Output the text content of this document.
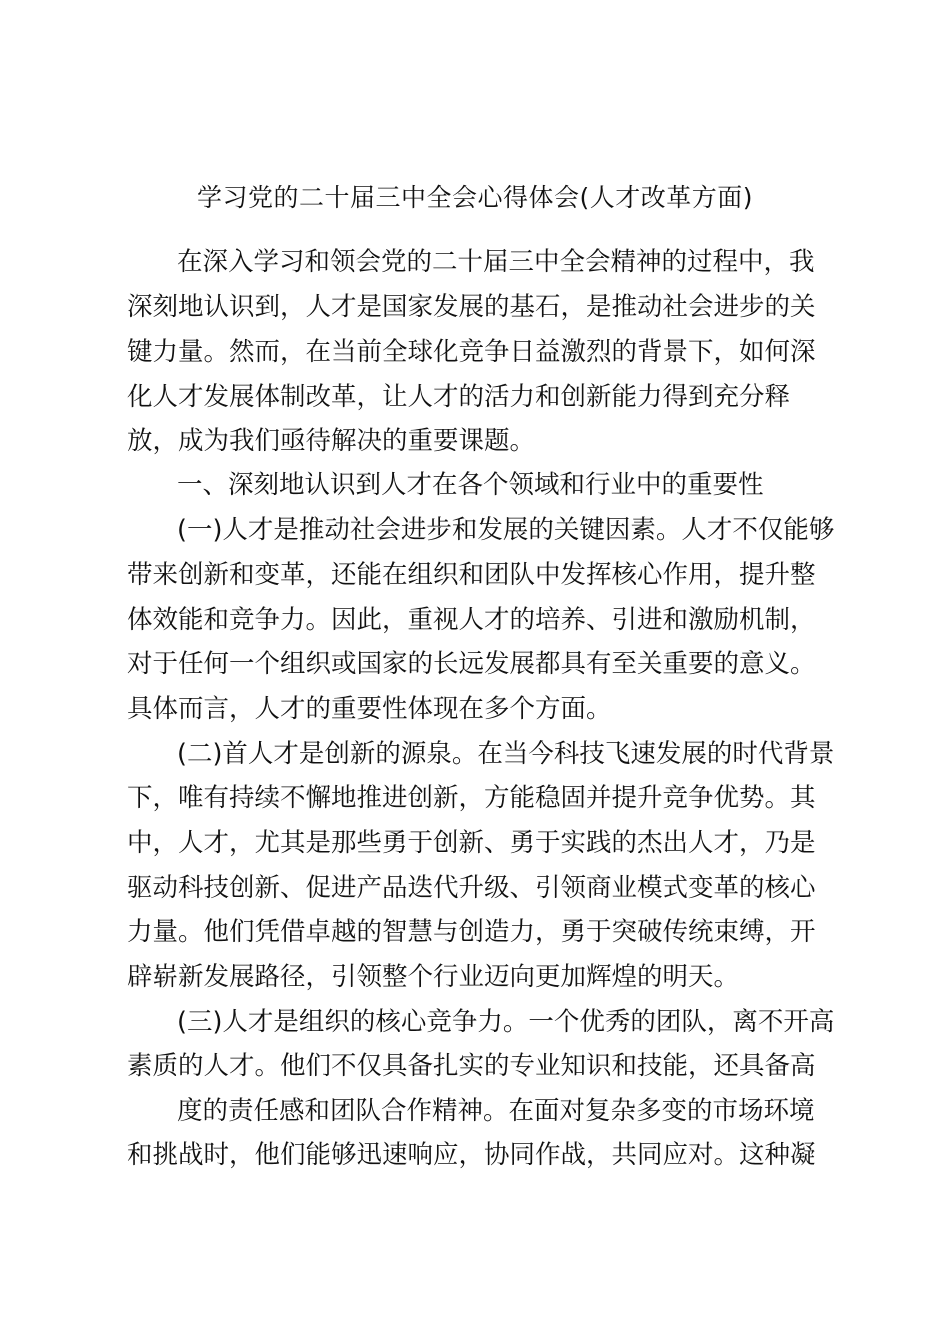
学习党的二十届三中全会心得体会(人才改革方面)
在深入学习和领会党的二十届三中全会精神的过程中，我
深刻地认识到，人才是国家发展的基石，是推动社会进步的关
键力量。然而，在当前全球化竞争日益激烈的背景下，如何深
化人才发展体制改革，让人才的活力和创新能力得到充分释
放，成为我们亟待解决的重要课题。
一、深刻地认识到人才在各个领域和行业中的重要性
(一)人才是推动社会进步和发展的关键因素。人才不仅能够
带来创新和变革，还能在组织和团队中发挥核心作用，提升整
体效能和竞争力。因此，重视人才的培养、引进和激励机制，
对于任何一个组织或国家的长远发展都具有至关重要的意义。
具体而言，人才的重要性体现在多个方面。
(二)首人才是创新的源泉。在当今科技飞速发展的时代背景
下，唯有持续不懈地推进创新，方能稳固并提升竞争优势。其
中，人才，尤其是那些勇于创新、勇于实践的杰出人才，乃是
驱动科技创新、促进产品迭代升级、引领商业模式变革的核心
力量。他们凭借卓越的智慧与创造力，勇于突破传统束缚，开
辟崭新发展路径，引领整个行业迈向更加辉煌的明天。
(三)人才是组织的核心竞争力。一个优秀的团队，离不开高
素质的人才。他们不仅具备扎实的专业知识和技能，还具备高
度的责任感和团队合作精神。在面对复杂多变的市场环境
和挑战时，他们能够迅速响应，协同作战，共同应对。这种凝
